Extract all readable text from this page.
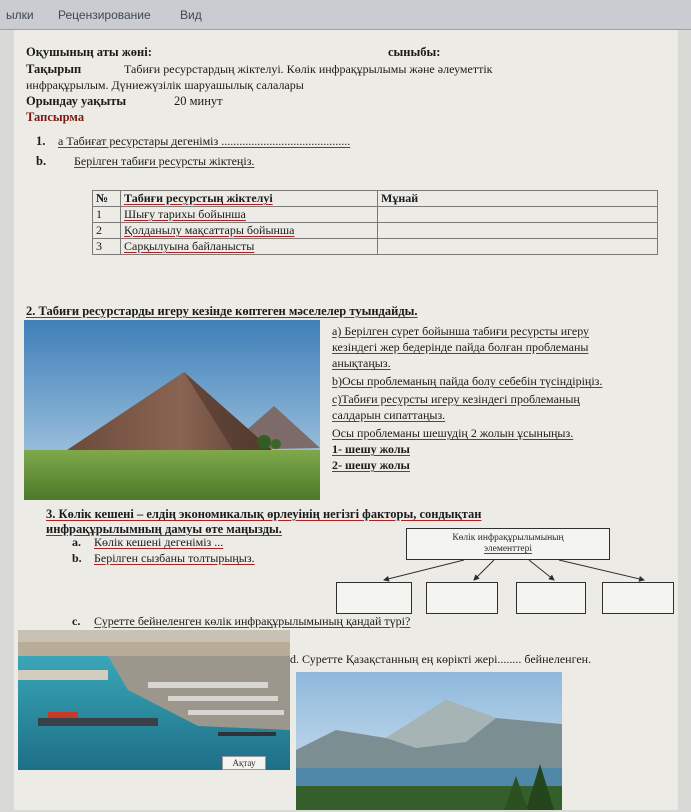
ылки Рецензирование Вид
Оқушының аты жөні:	сыныбы:
Тақырып	Табиғи ресурстардың жіктелуі. Көлік инфрақұрылымы және әлеуметтік
инфрақұрылым. Дүниежүзілік шаруашылық салалары
Орындау уақыты	20 минут
Тапсырма
1. а Табиғат ресурстары дегеніміз ...........................................
b. Берілген табиғи ресурсты жіктеңіз.
№	Табиғи ресурстың жіктелуі	Мұнай
1	Шығу тарихы бойынша	
2	Қолданылу мақсаттары бойынша	
3	Сарқылуына байланысты	
2. Табиғи ресурстарды игеру кезінде көптеген мәселелер туындайды.
а) Берілген сурет бойынша табиғи ресурсты игеру
кезіндегі жер бедерінде пайда болған проблеманы
анықтаңыз.
b)Осы проблеманың пайда болу себебін түсіндіріңіз.
с)Табиғи ресурсты игеру кезіндегі проблеманың
салдарын сипаттаңыз.
Осы проблеманы шешудің 2 жолын ұсыныңыз.
1- шешу жолы
2- шешу жолы
3. Көлік кешені – елдің экономикалық өрлеуінің негізгі факторы, сондықтан
инфрақұрылымның дамуы өте маңызды.
a. Көлік кешені дегеніміз ...
b. Берілген сызбаны толтырыңыз.
Көлік инфрақұрылымының
элементтері
c. Суретте бейнеленген көлік инфрақұрылымының қандай түрі?
Ақтау
d. Суретте Қазақстанның ең көрікті жері........ бейнеленген.
